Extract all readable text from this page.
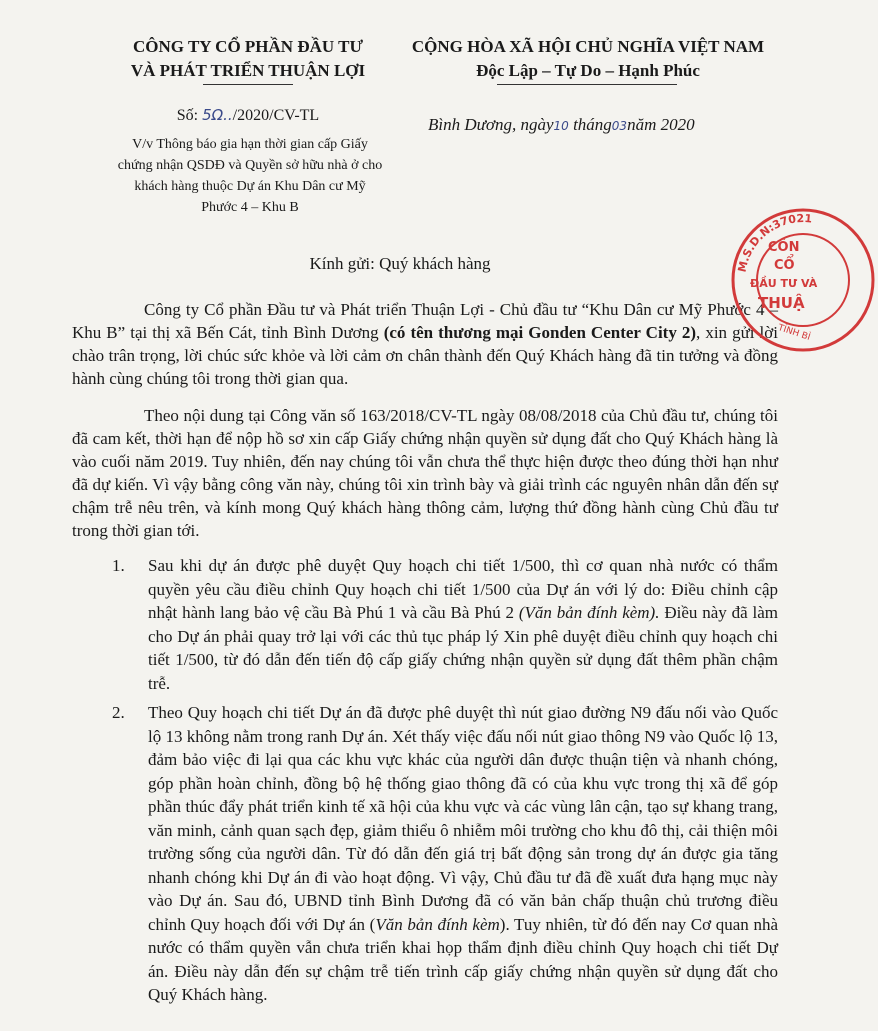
CÔNG TY CỔ PHẦN ĐẦU TƯ
VÀ PHÁT TRIỂN THUẬN LỢI
CỘNG HÒA XÃ HỘI CHỦ NGHĨA VIỆT NAM
Độc Lập – Tự Do – Hạnh Phúc
Số: 5Ω../2020/CV-TL
V/v Thông báo gia hạn thời gian cấp Giấy chứng nhận QSDĐ và Quyền sở hữu nhà ở cho khách hàng thuộc Dự án Khu Dân cư Mỹ Phước 4 – Khu B
Bình Dương, ngày10 tháng03năm 2020
Kính gửi: Quý khách hàng

Công ty Cổ phần Đầu tư và Phát triển Thuận Lợi - Chủ đầu tư “Khu Dân cư Mỹ Phước 4 – Khu B” tại thị xã Bến Cát, tỉnh Bình Dương (có tên thương mại Gonden Center City 2), xin gửi lời chào trân trọng, lời chúc sức khỏe và lời cảm ơn chân thành đến Quý Khách hàng đã tin tưởng và đồng hành cùng chúng tôi trong thời gian qua.

Theo nội dung tại Công văn số 163/2018/CV-TL ngày 08/08/2018 của Chủ đầu tư, chúng tôi đã cam kết, thời hạn để nộp hồ sơ xin cấp Giấy chứng nhận quyền sử dụng đất cho Quý Khách hàng là vào cuối năm 2019. Tuy nhiên, đến nay chúng tôi vẫn chưa thể thực hiện được theo đúng thời hạn như đã dự kiến. Vì vậy bằng công văn này, chúng tôi xin trình bày và giải trình các nguyên nhân dẫn đến sự chậm trễ nêu trên, và kính mong Quý khách hàng thông cảm, lượng thứ đồng hành cùng Chủ đầu tư trong thời gian tới.

1. Sau khi dự án được phê duyệt Quy hoạch chi tiết 1/500, thì cơ quan nhà nước có thẩm quyền yêu cầu điều chỉnh Quy hoạch chi tiết 1/500 của Dự án với lý do: Điều chỉnh cập nhật hành lang bảo vệ cầu Bà Phú 1 và cầu Bà Phú 2 (Văn bản đính kèm). Điều này đã làm cho Dự án phải quay trở lại với các thủ tục pháp lý Xin phê duyệt điều chỉnh quy hoạch chi tiết 1/500, từ đó dẫn đến tiến độ cấp giấy chứng nhận quyền sử dụng đất thêm phần chậm trễ.

2. Theo Quy hoạch chi tiết Dự án đã được phê duyệt thì nút giao đường N9 đấu nối vào Quốc lộ 13 không nằm trong ranh Dự án. Xét thấy việc đấu nối nút giao thông N9 vào Quốc lộ 13, đảm bảo việc đi lại qua các khu vực khác của người dân được thuận tiện và nhanh chóng, góp phần hoàn chỉnh, đồng bộ hệ thống giao thông đã có của khu vực trong thị xã để góp phần thúc đẩy phát triển kinh tế xã hội của khu vực và các vùng lân cận, tạo sự khang trang, văn minh, cảnh quan sạch đẹp, giảm thiểu ô nhiễm môi trường cho khu đô thị, cải thiện môi trường sống của người dân. Từ đó dẫn đến giá trị bất động sản trong dự án được gia tăng nhanh chóng khi Dự án đi vào hoạt động. Vì vậy, Chủ đầu tư đã đề xuất đưa hạng mục này vào Dự án. Sau đó, UBND tỉnh Bình Dương đã có văn bản chấp thuận chủ trương điều chỉnh Quy hoạch đối với Dự án (Văn bản đính kèm). Tuy nhiên, từ đó đến nay Cơ quan nhà nước có thẩm quyền vẫn chưa triển khai họp thẩm định điều chỉnh Quy hoạch chi tiết Dự án. Điều này dẫn đến sự chậm trễ tiến trình cấp giấy chứng nhận quyền sử dụng đất cho Quý Khách hàng.

M.S.D.N:37021
CÔN
CỔ
ĐẦU TƯ VÀ
THUẬ
TỈNH BÌ
